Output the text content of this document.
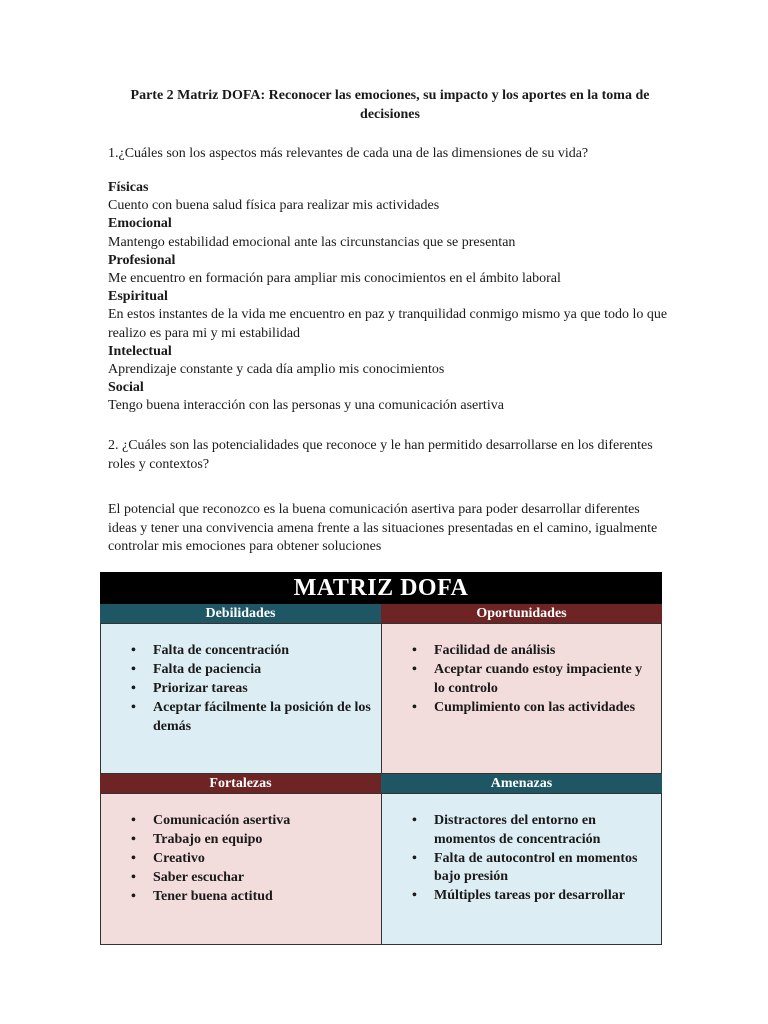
Parte 2 Matriz DOFA: Reconocer las emociones, su impacto y los aportes en la toma de decisiones
1.¿Cuáles son los aspectos más relevantes de cada una de las dimensiones de su vida?
Físicas
Cuento con buena salud física para realizar mis actividades
Emocional
Mantengo estabilidad emocional ante las circunstancias que se presentan
Profesional
Me encuentro en formación para ampliar mis conocimientos en el ámbito laboral
Espiritual
En estos instantes de la vida me encuentro en paz y tranquilidad conmigo mismo ya que todo lo que realizo es para mi y mi estabilidad
Intelectual
Aprendizaje constante y cada día amplio mis conocimientos
Social
Tengo buena interacción con las personas y una comunicación asertiva
2. ¿Cuáles son las potencialidades que reconoce y le han permitido desarrollarse en los diferentes roles y contextos?
El potencial que reconozco es la buena comunicación asertiva para poder desarrollar diferentes ideas y tener una convivencia amena frente a las situaciones presentadas en el camino, igualmente controlar mis emociones para obtener soluciones
MATRIZ DOFA
Debilidades
• Falta de concentración
• Falta de paciencia
• Priorizar tareas
• Aceptar fácilmente la posición de los demás
Oportunidades
• Facilidad de análisis
• Aceptar cuando estoy impaciente y lo controlo
• Cumplimiento con las actividades
Fortalezas
• Comunicación asertiva
• Trabajo en equipo
• Creativo
• Saber escuchar
• Tener buena actitud
Amenazas
• Distractores del entorno en momentos de concentración
• Falta de autocontrol en momentos bajo presión
• Múltiples tareas por desarrollar
